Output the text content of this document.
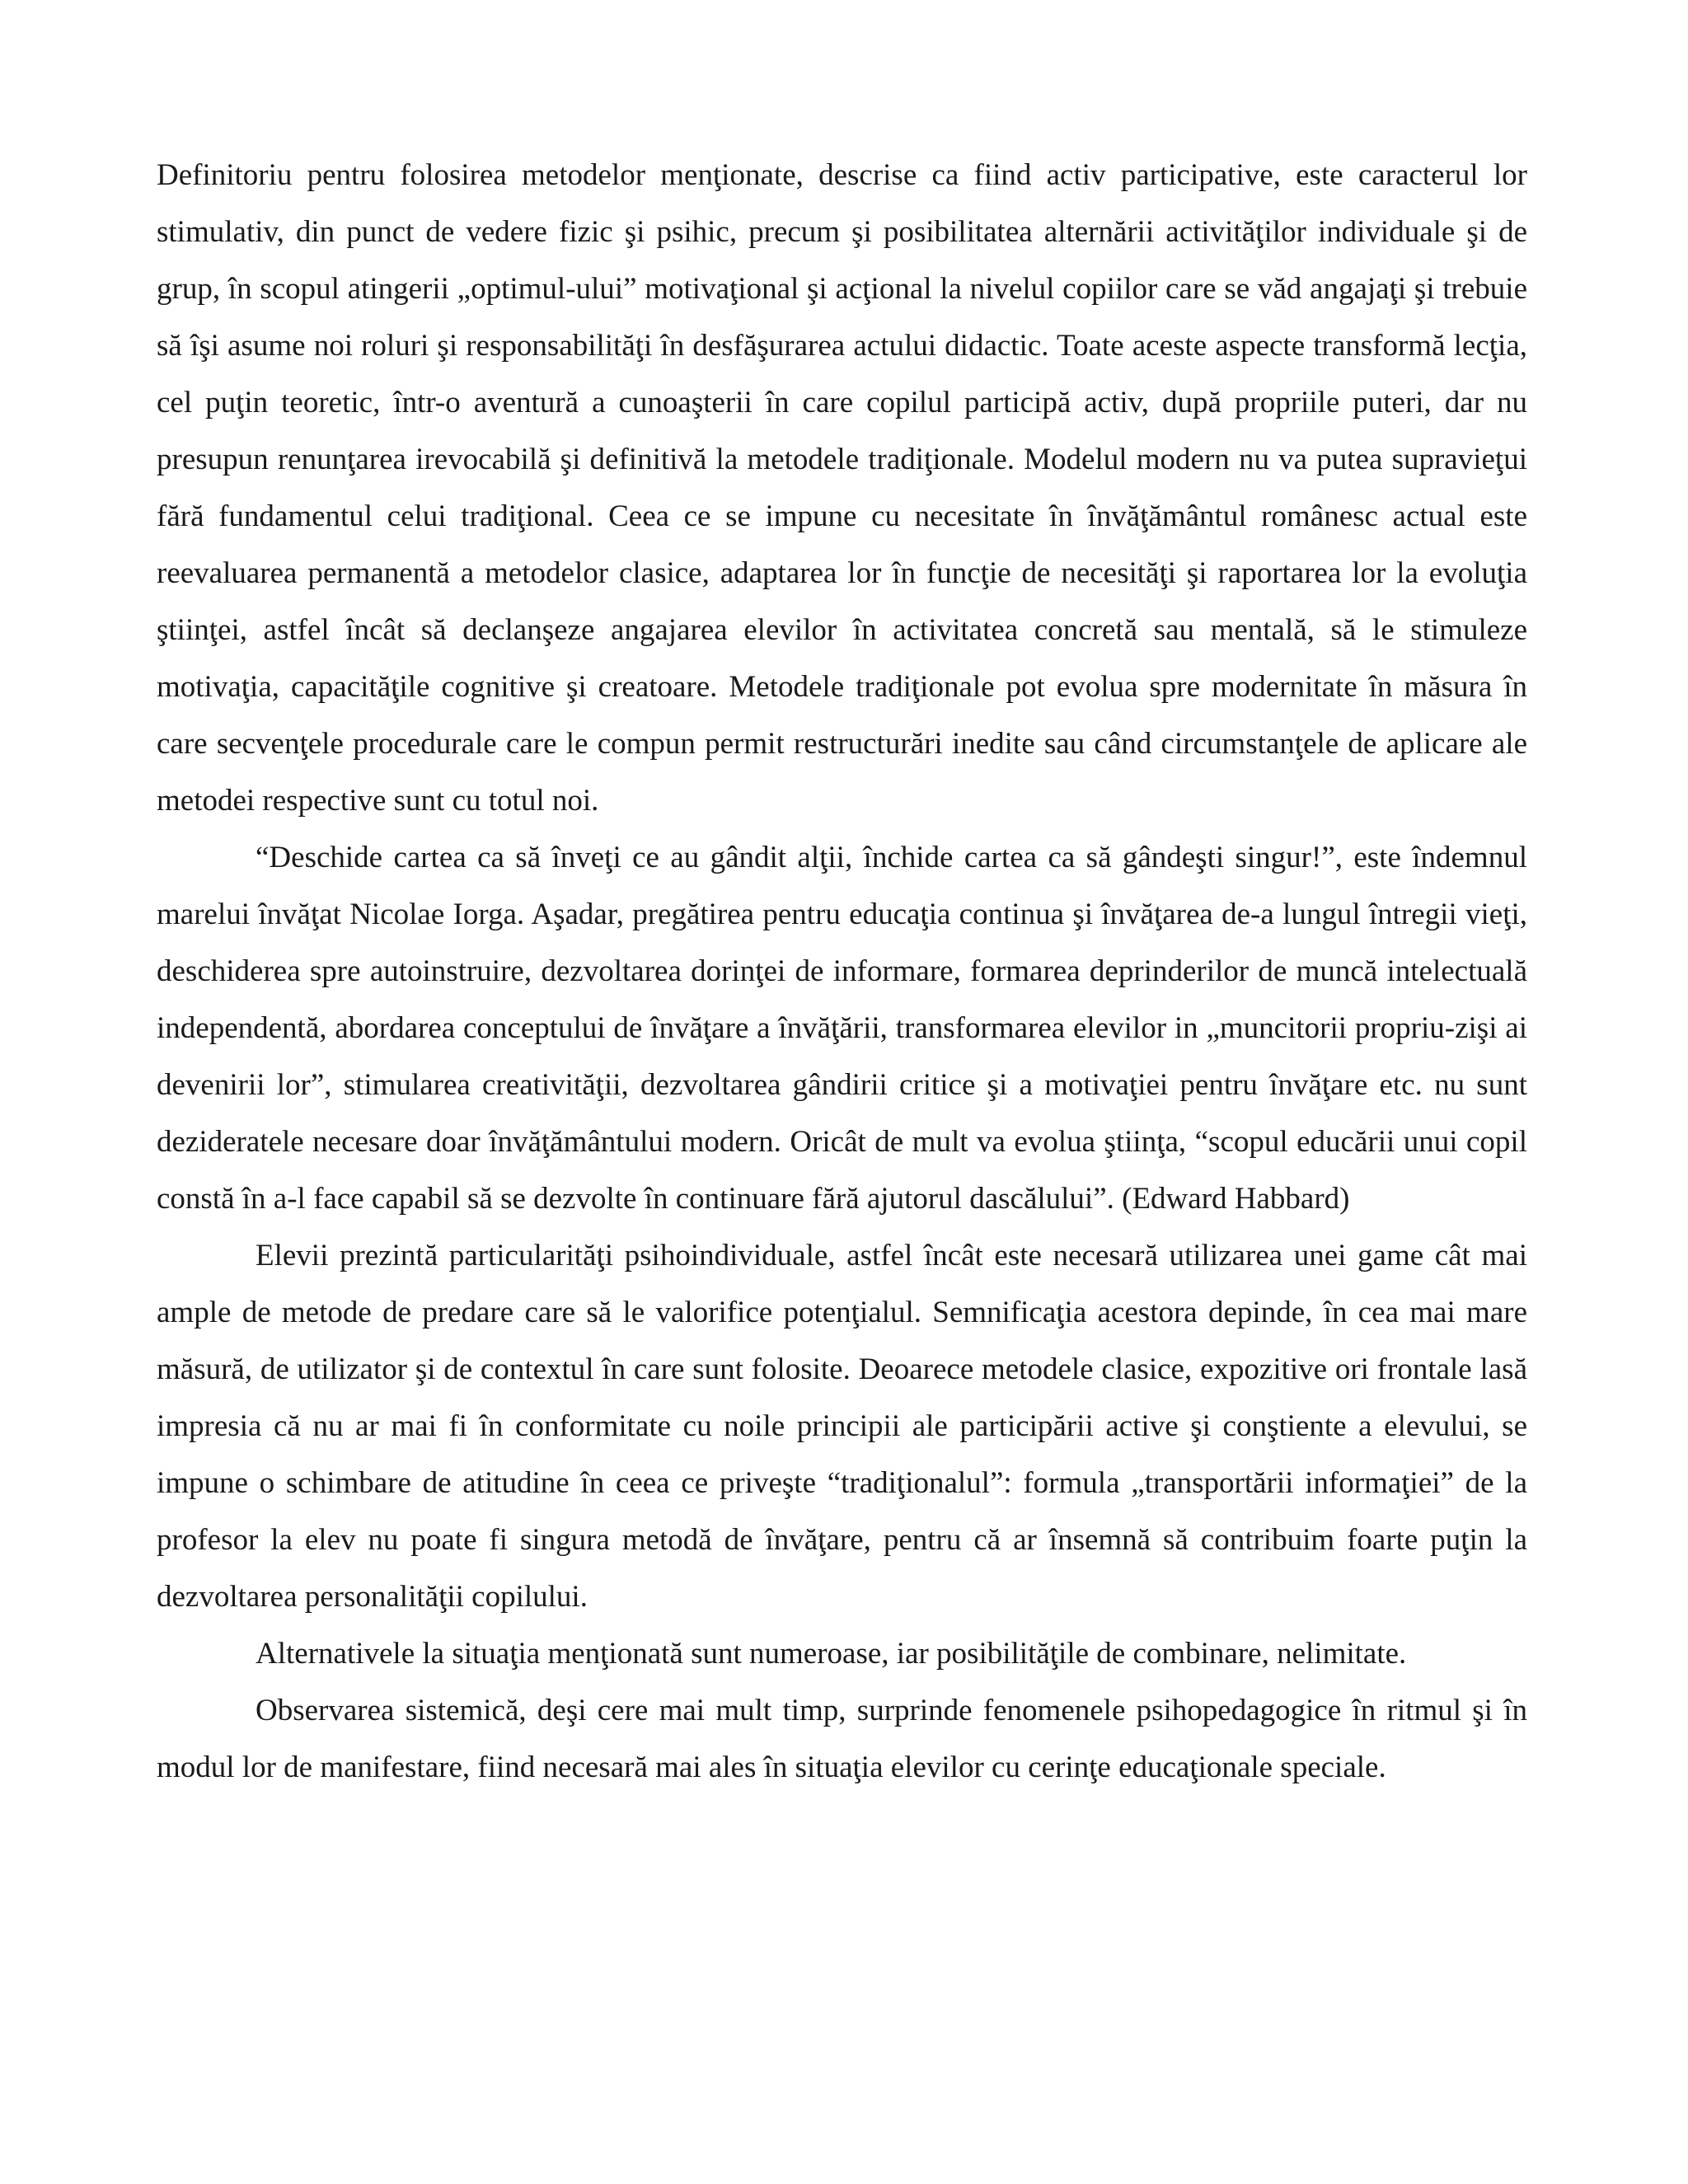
Definitoriu pentru folosirea metodelor menţionate, descrise ca fiind activ participative, este caracterul lor stimulativ, din punct de vedere fizic şi psihic, precum şi posibilitatea alternării activităţilor individuale şi de grup, în scopul atingerii „optimul-ului” motivaţional şi acţional la nivelul copiilor care se văd angajaţi şi trebuie să îşi asume noi roluri şi responsabilităţi în desfăşurarea actului didactic. Toate aceste aspecte transformă lecţia, cel puţin teoretic, într-o aventură a cunoaşterii în care copilul participă activ, după propriile puteri, dar nu presupun renunţarea irevocabilă şi definitivă la metodele tradiţionale. Modelul modern nu va putea supravieţui fără fundamentul celui tradiţional. Ceea ce se impune cu necesitate în învăţământul românesc actual este reevaluarea permanentă a metodelor clasice, adaptarea lor în funcţie de necesităţi şi raportarea lor la evoluţia ştiinţei, astfel încât să declanşeze angajarea elevilor în activitatea concretă sau mentală, să le stimuleze motivaţia, capacităţile cognitive şi creatoare. Metodele tradiţionale pot evolua spre modernitate în măsura în care secvenţele procedurale care le compun permit restructurări inedite sau când circumstanţele de aplicare ale metodei respective sunt cu totul noi.

“Deschide cartea ca să înveţi ce au gândit alţii, închide cartea ca să gândeşti singur!”, este îndemnul marelui învăţat Nicolae Iorga. Aşadar, pregătirea pentru educaţia continua şi învăţarea de-a lungul întregii vieţi, deschiderea spre autoinstruire, dezvoltarea dorinţei de informare, formarea deprinderilor de muncă intelectuală independentă, abordarea conceptului de învăţare a învăţării, transformarea elevilor in „muncitorii propriu-zişi ai devenirii lor”, stimularea creativităţii, dezvoltarea gândirii critice şi a motivaţiei pentru învăţare etc. nu sunt dezideratele necesare doar învăţământului modern. Oricât de mult va evolua ştiinţa, “scopul educării unui copil constă în a-l face capabil să se dezvolte în continuare fără ajutorul dascălului”. (Edward Habbard)

Elevii prezintă particularităţi psihoindividuale, astfel încât este necesară utilizarea unei game cât mai ample de metode de predare care să le valorifice potenţialul. Semnificaţia acestora depinde, în cea mai mare măsură, de utilizator şi de contextul în care sunt folosite. Deoarece metodele clasice, expozitive ori frontale lasă impresia că nu ar mai fi în conformitate cu noile principii ale participării active şi conştiente a elevului, se impune o schimbare de atitudine în ceea ce priveşte “tradiţionalul”: formula „transportării informaţiei” de la profesor la elev nu poate fi singura metodă de învăţare, pentru că ar însemnă să contribuim foarte puţin la dezvoltarea personalităţii copilului.

Alternativele la situaţia menţionată sunt numeroase, iar posibilităţile de combinare, nelimitate.

Observarea sistemică, deşi cere mai mult timp, surprinde fenomenele psihopedagogice în ritmul şi în modul lor de manifestare, fiind necesară mai ales în situaţia elevilor cu cerinţe educaţionale speciale.
